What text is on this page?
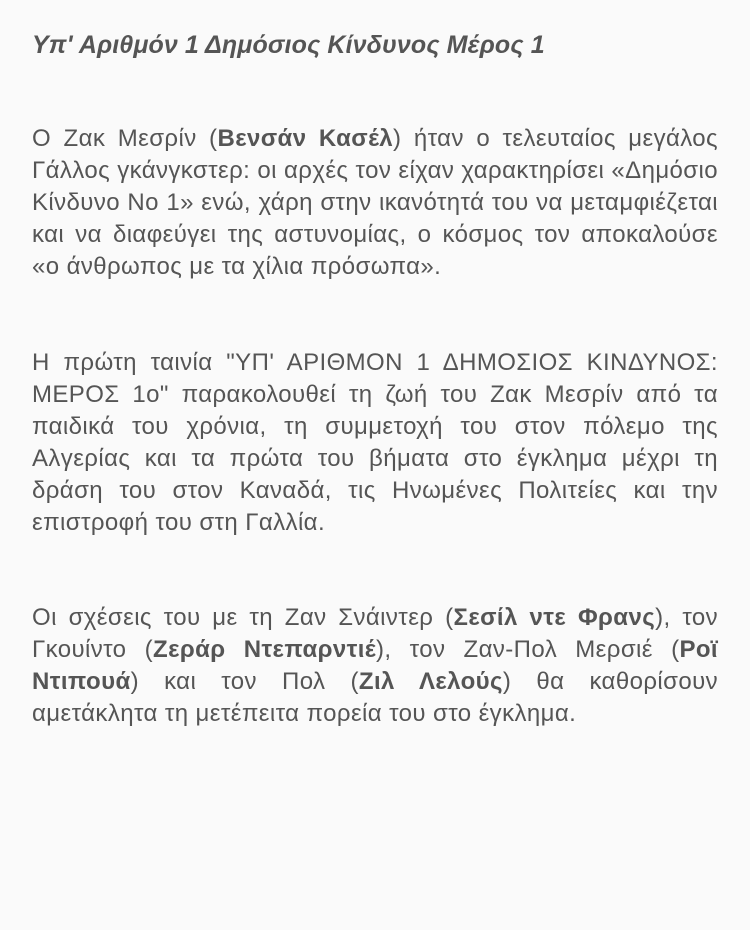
Υπ' Αριθμόν 1 Δημόσιος Κίνδυνος Μέρος 1

Ο Ζακ Μεσρίν (Βενσάν Κασέλ) ήταν ο τελευταίος μεγάλος Γάλλος γκάνγκστερ: οι αρχές τον είχαν χαρακτηρίσει «Δημόσιο Κίνδυνο Νο 1» ενώ, χάρη στην ικανότητά του να μεταμφιέζεται και να διαφεύγει της αστυνομίας, ο κόσμος τον αποκαλούσε «ο άνθρωπος με τα χίλια πρόσωπα».

Η πρώτη ταινία "ΥΠ' ΑΡΙΘΜΟΝ 1 ΔΗΜΟΣΙΟΣ ΚΙΝΔΥΝΟΣ: ΜΕΡΟΣ 1ο" παρακολουθεί τη ζωή του Ζακ Μεσρίν από τα παιδικά του χρόνια, τη συμμετοχή του στον πόλεμο της Αλγερίας και τα πρώτα του βήματα στο έγκλημα μέχρι τη δράση του στον Καναδά, τις Ηνωμένες Πολιτείες και την επιστροφή του στη Γαλλία.

Οι σχέσεις του με τη Ζαν Σνάιντερ (Σεσίλ ντε Φρανς), τον Γκουίντο (Ζεράρ Ντεπαρντιέ), τον Ζαν-Πολ Μερσιέ (Ροϊ Ντιπουά) και τον Πολ (Ζιλ Λελούς) θα καθορίσουν αμετάκλητα τη μετέπειτα πορεία του στο έγκλημα.
